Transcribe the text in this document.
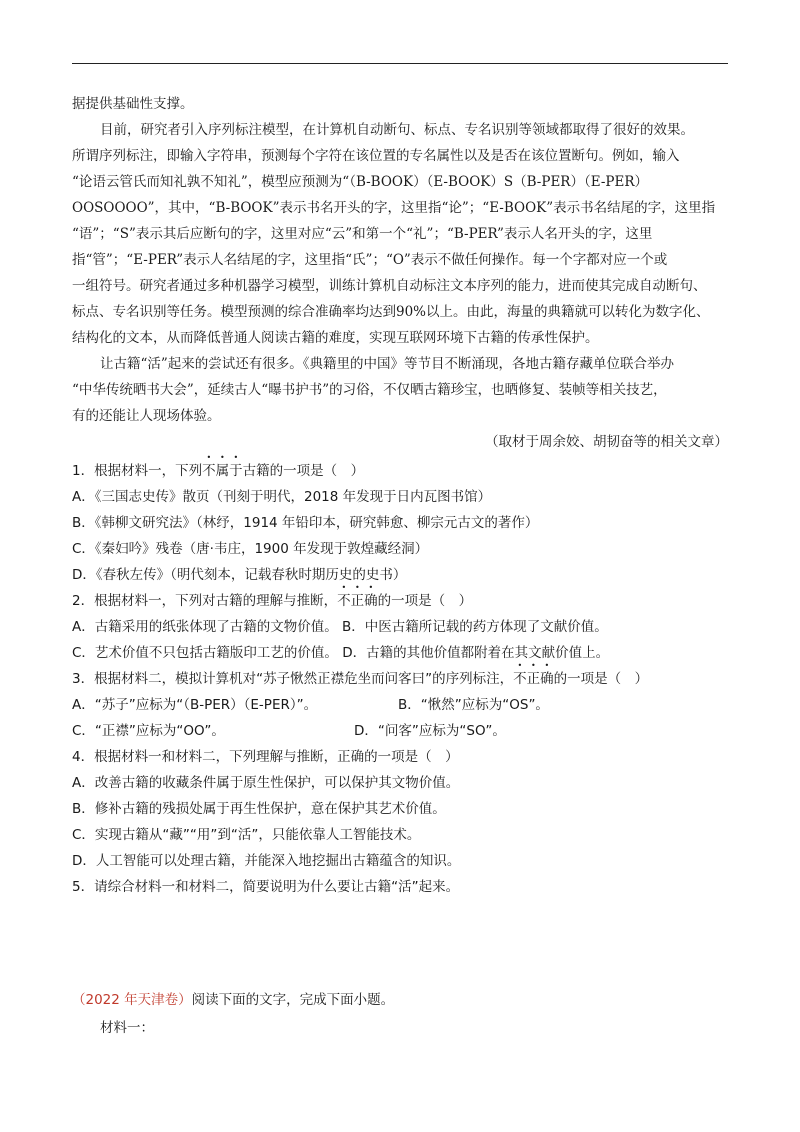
据提供基础性支撑。
目前，研究者引入序列标注模型，在计算机自动断句、标点、专名识别等领域都取得了很好的效果。
所谓序列标注，即输入字符串，预测每个字符在该位置的专名属性以及是否在该位置断句。例如，输入
“论语云管氏而知礼孰不知礼”，模型应预测为“（B-BOOK）（E-BOOK）S（B-PER）（E-PER）
OOSOOOO”，其中，“B-BOOK”表示书名开头的字，这里指“论”；“E-BOOK”表示书名结尾的字，这里指
“语”；“S”表示其后应断句的字，这里对应“云”和第一个“礼”；“B-PER”表示人名开头的字，这里
指“管”；“E-PER”表示人名结尾的字，这里指“氏”；“O”表示不做任何操作。每一个字都对应一个或
一组符号。研究者通过多种机器学习模型，训练计算机自动标注文本序列的能力，进而使其完成自动断句、
标点、专名识别等任务。模型预测的综合准确率均达到90%以上。由此，海量的典籍就可以转化为数字化、
结构化的文本，从而降低普通人阅读古籍的难度，实现互联网环境下古籍的传承性保护。
让古籍“活”起来的尝试还有很多。《典籍里的中国》等节目不断涌现，各地古籍存藏单位联合举办
“中华传统晒书大会”，延续古人“曝书护书”的习俗，不仅晒古籍珍宝，也晒修复、装帧等相关技艺，
有的还能让人现场体验。
（取材于周余姣、胡韧奋等的相关文章）
1．根据材料一，下列不属于古籍的一项是（　）
A．《三国志史传》散页（刊刻于明代，2018 年发现于日内瓦图书馆）
B．《韩柳文研究法》（林纾，1914 年铅印本，研究韩愈、柳宗元古文的著作）
C．《秦妇吟》残卷（唐·韦庄，1900 年发现于敦煌藏经洞）
D．《春秋左传》（明代刻本，记载春秋时期历史的史书）
2．根据材料一，下列对古籍的理解与推断，不正确的一项是（　）
A．古籍采用的纸张体现了古籍的文物价值。 B．中医古籍所记载的药方体现了文献价值。
C．艺术价值不只包括古籍版印工艺的价值。 D．古籍的其他价值都附着在其文献价值上。
3．根据材料二，模拟计算机对“苏子愀然正襟危坐而问客曰”的序列标注，不正确的一项是（　）
A．“苏子”应标为“（B-PER）（E-PER）”。	B．“愀然”应标为“OS”。
C．“正襟”应标为“OO”。	D．“问客”应标为“SO”。
4．根据材料一和材料二，下列理解与推断，正确的一项是（　）
A．改善古籍的收藏条件属于原生性保护，可以保护其文物价值。
B．修补古籍的残损处属于再生性保护，意在保护其艺术价值。
C．实现古籍从“藏”“用”到“活”，只能依靠人工智能技术。
D．人工智能可以处理古籍，并能深入地挖掘出古籍蕴含的知识。
5．请综合材料一和材料二，简要说明为什么要让古籍“活”起来。
（2022 年天津卷）阅读下面的文字，完成下面小题。
材料一：
